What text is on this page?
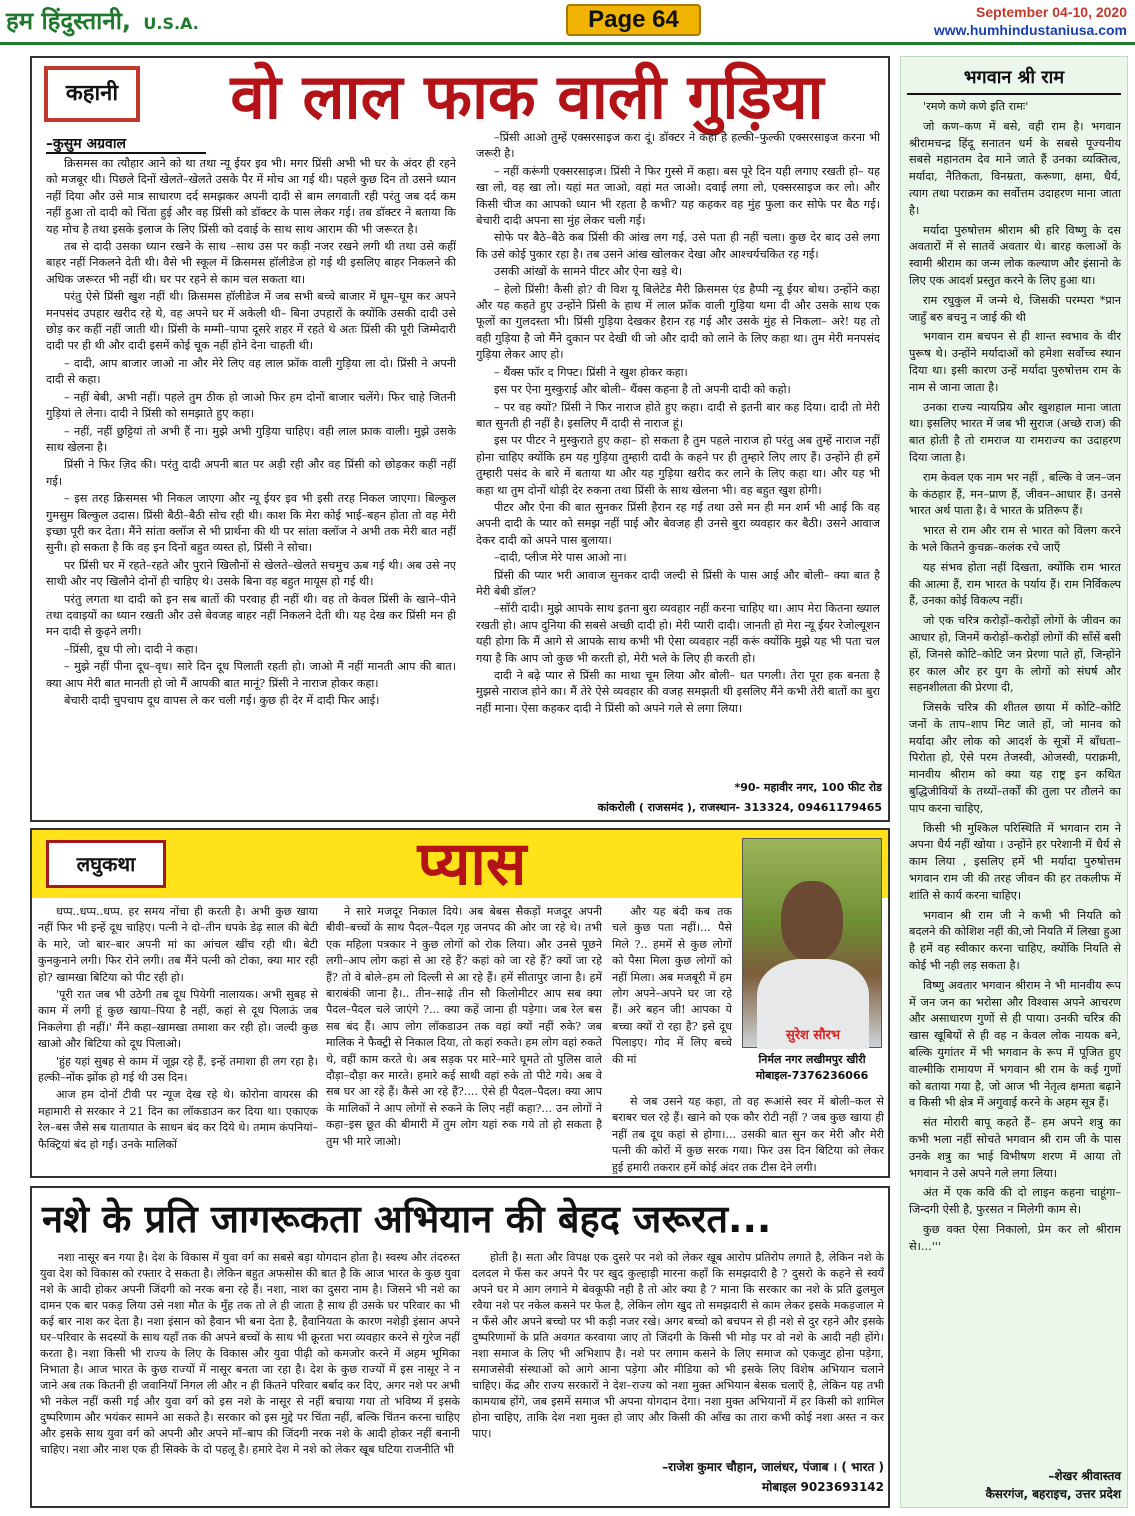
हम हिंदुस्तानी, U.S.A.	Page 64	September 04-10, 2020
www.humhindustaniusa.com
कहानी	वो लाल फाक वाली गुड़िया
–कुसुम अग्रवाल

क्रिसमस का त्यौहार आने को था तथा न्यू ईयर इव भी। मगर प्रिंसी अभी भी घर के अंदर ही रहने को मजबूर थी। पिछले दिनों खेलते–खेलते उसके पैर में मोच आ गई थी। पहले कुछ दिन तो उसने ध्यान नहीं दिया और उसे मात्र साधारण दर्द समझकर अपनी दादी से बाम लगवाती रही परंतु जब दर्द कम नहीं हुआ तो दादी को चिंता हुई और वह प्रिंसी को डॉक्टर के पास लेकर गई। तब डॉक्टर ने बताया कि यह मोच है तथा इसके इलाज के लिए प्रिंसी को दवाई के साथ साथ आराम की भी जरूरत है।

तब से दादी उसका ध्यान रखने के साथ –साथ उस पर कड़ी नजर रखने लगी थी तथा उसे कहीं बाहर नहीं निकलने देती थी। वैसे भी स्कूल में क्रिसमस हॉलीडेज हो गई थी इसलिए बाहर निकलने की अधिक जरूरत भी नहीं थी। घर पर रहने से काम चल सकता था।

परंतु ऐसे प्रिंसी खुश नहीं थी। क्रिसमस हॉलीडेज में जब सभी बच्चे बाजार में घूम–घूम कर अपने मनपसंद उपहार खरीद रहे थे, वह अपने घर में अकेली थी– बिना उपहारों के क्योंकि उसकी दादी उसे छोड़ कर कहीं नहीं जाती थी। प्रिंसी के मम्मी–पापा दूसरे शहर में रहते थे अतः प्रिंसी की पूरी जिम्मेदारी दादी पर ही थी और दादी इसमें कोई चूक नहीं होने देना चाहती थी।

– दादी, आप बाजार जाओ ना और मेरे लिए वह लाल फ्रॉक वाली गुड़िया ला दो। प्रिंसी ने अपनी दादी से कहा।

– नहीं बेबी, अभी नहीं। पहले तुम ठीक हो जाओ फिर हम दोनों बाजार चलेंगे। फिर चाहे जितनी गुड़ियां ले लेना। दादी ने प्रिंसी को समझाते हुए कहा।

– नहीं, नहीं छुट्टियां तो अभी हैं ना। मुझे अभी गुड़िया चाहिए। वही लाल फ्राक वाली। मुझे उसके साथ खेलना है।

प्रिंसी ने फिर ज़िद की। परंतु दादी अपनी बात पर अड़ी रही और वह प्रिंसी को छोड़कर कहीं नहीं गई।

– इस तरह क्रिसमस भी निकल जाएगा और न्यू ईयर इव भी इसी तरह निकल जाएगा। बिल्कुल गुमसुम बिल्कुल उदास। प्रिंसी बैठी–बैठी सोच रही थी। काश कि मेरा कोई भाई–बहन होता तो वह मेरी इच्छा पूरी कर देता। मैंने सांता क्लॉज से भी प्रार्थना की थी पर सांता क्लॉज ने अभी तक मेरी बात नहीं सुनी। हो सकता है कि वह इन दिनों बहुत व्यस्त हो, प्रिंसी ने सोचा।

पर प्रिंसी घर में रहते–रहते और पुराने खिलौनों से खेलते–खेलते सचमुच ऊब गई थी। अब उसे नए साथी और नए खिलौने दोनों ही चाहिए थे। उसके बिना वह बहुत मायूस हो गई थी।

परंतु लगता था दादी को इन सब बातों की परवाह ही नहीं थी। वह तो केवल प्रिंसी के खाने–पीने तथा दवाइयों का ध्यान रखती और उसे बेवजह बाहर नहीं निकलने देती थी। यह देख कर प्रिंसी मन ही मन दादी से कुढ़ने लगी।

–प्रिंसी, दूध पी लो। दादी ने कहा।

– मुझे नहीं पीना दूध–वृध। सारे दिन दूध पिलाती रहती हो। जाओ मैं नहीं मानती आप की बात। क्या आप मेरी बात मानती हो जो मैं आपकी बात मानूं? प्रिंसी ने नाराज होकर कहा।

बेचारी दादी चुपचाप दूध वापस ले कर चली गई। कुछ ही देर में दादी फिर आई।

–प्रिंसी आओ तुम्हें एक्सरसाइज करा दूं। डॉक्टर ने कहा है हल्की–फुल्की एक्सरसाइज करना भी जरूरी है।

– नहीं करूंगी एक्सरसाइज। प्रिंसी ने फिर गुस्से में कहा। बस पूरे दिन यही लगाए रखती हो– यह खा लो, वह खा लो। यहां मत जाओ, वहां मत जाओ। दवाई लगा लो, एक्सरसाइज कर लो। और किसी चीज का आपको ध्यान भी रहता है कभी? यह कहकर वह मुंह फुला कर सोफे पर बैठ गई। बेचारी दादी अपना सा मुंह लेकर चली गई।

सोफे पर बैठे–बैठे कब प्रिंसी की आंख लग गई, उसे पता ही नहीं चला। कुछ देर बाद उसे लगा कि उसे कोई पुकार रहा है। तब उसने आंख खोलकर देखा और आश्चर्यचकित रह गई।

उसकी आंखों के सामने पीटर और ऐना खड़े थे।

– हेलो प्रिंसी! कैसी हो? वी विश यू बिलेटेड मैरी क्रिसमस एंड हैप्पी न्यू ईयर बोथ। उन्होंने कहा और यह कहते हुए उन्होंने प्रिंसी के हाथ में लाल फ्रॉक वाली गुड़िया थमा दी और उसके साथ एक फूलों का गुलदस्ता भी। प्रिंसी गुड़िया देखकर हैरान रह गई और उसके मुंह से निकला– अरे! यह तो वही गुड़िया है जो मैंने दुकान पर देखी थी जो और दादी को लाने के लिए कहा था। तुम मेरी मनपसंद गुड़िया लेकर आए हो।

– थैंक्स फॉर द गिफ्ट। प्रिंसी ने खुश होकर कहा।

इस पर ऐना मुस्कुराई और बोली– थैंक्स कहना है तो अपनी दादी को कहो।

– पर वह क्यों? प्रिंसी ने फिर नाराज होते हुए कहा। दादी से इतनी बार कह दिया। दादी तो मेरी बात सुनती ही नहीं है। इसलिए मैं दादी से नाराज हूं।

इस पर पीटर ने मुस्कुराते हुए कहा– हो सकता है तुम पहले नाराज हो परंतु अब तुम्हें नाराज नहीं होना चाहिए क्योंकि हम यह गुड़िया तुम्हारी दादी के कहने पर ही तुम्हारे लिए लाए हैं। उन्होंने ही हमें तुम्हारी पसंद के बारे में बताया था और यह गुड़िया खरीद कर लाने के लिए कहा था। और यह भी कहा था तुम दोनों थोड़ी देर रुकना तथा प्रिंसी के साथ खेलना भी। वह बहुत खुश होगी।

पीटर और ऐना की बात सुनकर प्रिंसी हैरान रह गई तथा उसे मन ही मन शर्म भी आई कि वह अपनी दादी के प्यार को समझ नहीं पाई और बेवजह ही उनसे बुरा व्यवहार कर बैठी। उसने आवाज देकर दादी को अपने पास बुलाया।

–दादी, प्लीज मेरे पास आओ ना।

प्रिंसी की प्यार भरी आवाज सुनकर दादी जल्दी से प्रिंसी के पास आई और बोली– क्या बात है मेरी बेबी डॉल?

–सॉरी दादी। मुझे आपके साथ इतना बुरा व्यवहार नहीं करना चाहिए था। आप मेरा कितना ख्याल रखती हो। आप दुनिया की सबसे अच्छी दादी हो। मेरी प्यारी दादी। जानती हो मेरा न्यू ईयर रेजोल्यूशन यही होगा कि मैं आगे से आपके साथ कभी भी ऐसा व्यवहार नहीं करूं क्योंकि मुझे यह भी पता चल गया है कि आप जो कुछ भी करती हो, मेरी भले के लिए ही करती हो।

दादी ने बढ़े प्यार से प्रिंसी का माथा चूम लिया और बोली– धत पगली। तेरा पूरा हक बनता है मुझसे नाराज होने का। मैं तेरे ऐसे व्यवहार की वजह समझती थी इसलिए मैंने कभी तेरी बातों का बुरा नहीं माना। ऐसा कहकर दादी ने प्रिंसी को अपने गले से लगा लिया।

*90- महावीर नगर, 100 फीट रोड
कांकरोली ( राजसमंद ), राजस्थान- 313324, 09461179465
लघुकथा	प्यास
सुरेश सौरभ
निर्मल नगर लखीमपुर खीरी
मोबाइल-7376236066

धप्प..धप्प..धप्प. हर समय नोंचा ही करती है। अभी कुछ खाया नहीं फिर भी इन्हें दूध चाहिए। पत्नी ने दो–तीन धपके डेढ़ साल की बेटी के मारे, जो बार–बार अपनी मां का आंचल खींच रही थी। बेटी कुनकुनाने लगी। फिर रोने लगी। तब मैंने पत्नी को टोका, क्या मार रही हो? खामखा बिटिया को पीट रही हो।

'पूरी रात जब भी उठेगी तब दूध पियेगी नालायक। अभी सुबह से काम में लगी हूं कुछ खाया–पिया है नहीं, कहां से दूध पिलाऊं जब निकलेगा ही नहीं।' मैंने कहा–खामखा तमाशा कर रही हो। जल्दी कुछ खाओ और बिटिया को दूध पिलाओ।

'हुंह यहां सुबह से काम में जूझ रहे हैं, इन्हें तमाशा ही लग रहा है। हल्की–नोंक झोंक हो गई थी उस दिन।

आज हम दोनों टीवी पर न्यूज देख रहे थे। कोरोना वायरस की महामारी से सरकार ने 21 दिन का लॉकडाउन कर दिया था। एकाएक रेल–बस जैसे सब यातायात के साधन बंद कर दिये थे। तमाम कंपनियां–फैक्ट्रियां बंद हो गईं। उनके मालिकों

ने सारे मजदूर निकाल दिये। अब बेबस सैकड़ों मजदूर अपनी बीवी–बच्चों के साथ पैदल–पैदल गृह जनपद की ओर जा रहे थे। तभी एक महिला पत्रकार ने कुछ लोगों को रोक लिया। और उनसे पूछने लगी–आप लोग कहां से आ रहे हैं? कहां को जा रहे हैं? क्यों जा रहे हैं? तो वे बोले–हम लो दिल्ली से आ रहे हैं। हमें सीतापुर जाना है। हमें बाराबंकी जाना है।.. तीन–साढ़े तीन सौ किलोमीटर आप सब क्या पैदल–पैदल चले जाएंगे ?... क्या कहें जाना ही पड़ेगा। जब रेल बस सब बंद हैं। आप लोग लॉकडाउन तक वहां क्यों नहीं रुके? जब मालिक ने फैक्ट्री से निकाल दिया, तो कहां रुकते। हम लोग वहां रुकते थे, वहीं काम करते थे। अब सड़क पर मारे–मारे घूमते तो पुलिस वाले दौड़ा–दौड़ा कर मारते। हमारे कई साथी वहां रुके तो पीटे गये। अब वे सब घर आ रहे हैं। कैसे आ रहे हैं?.... ऐसे ही पैदल–पैदल। क्या आप के मालिकों ने आप लोगों से रुकने के लिए नहीं कहा?... उन लोगों ने कहा–इस छूत की बीमारी में तुम लोग यहां रुक गये तो हो सकता है तुम भी मारे जाओ।

और यह बंदी कब तक चले कुछ पता नहीं।... पैसे मिले ?.. हममें से कुछ लोगों को पैसा मिला कुछ लोगों को नहीं मिला। अब मजबूरी में हम लोग अपने–अपने घर जा रहे हैं। अरे बहन जी! आपका ये बच्चा क्यों रो रहा है? इसे दूध पिलाइए। गोद में लिए बच्चे की मां

से जब उसने यह कहा, तो वह रूआंसे स्वर में बोली–कल से बराबर चल रहे हैं। खाने को एक कौर रोटी नहीं ? जब कुछ खाया ही नहीं तब दूध कहां से होगा।... उसकी बात सुन कर मेरी और मेरी पत्नी की कोरों में कुछ सरक गया। फिर उस दिन बिटिया को लेकर हुई हमारी तकरार हमें कोई अंदर तक टीस देने लगी।

नशे के प्रति जागरूकता अभियान की बेहद जरूरत...

नशा नासूर बन गया है। देश के विकास में युवा वर्ग का सबसे बड़ा योगदान होता है। स्वस्थ और तंदरुस्त युवा देश को विकास को रफ्तार दे सकता है। लेकिन बहुत अफसोस की बात है कि आज भारत के कुछ युवा नशे के आदी होकर अपनी जिंदगी को नरक बना रहे हैं। नशा, नाश का दुसरा नाम है। जिसने भी नशे का दामन एक बार पकड़ लिया उसे नशा मौत के मुँह तक तो ले ही जाता है साथ ही उसके घर परिवार का भी कई बार नाश कर देता है। नशा इंसान को हैवान भी बना देता है, हैवानियता के कारण नशेड़ी इंसान अपने घर–परिवार के सदस्यों के साथ यहाँ तक की अपने बच्चों के साथ भी क्रूरता भरा व्यवहार करने से गुरेज नहीं करता है। नशा किसी भी राज्य के लिए के विकास और युवा पीढ़ी को कमजोर करने में अहम भूमिका निभाता है। आज भारत के कुछ राज्यों में नासूर बनता जा रहा है। देश के कुछ राज्यों में इस नासूर ने न जाने अब तक कितनी ही जवानियाँ निगल ली और न ही कितने परिवार बर्बाद कर दिए, अगर नशे पर अभी भी नकेल नहीं कसी गई और युवा वर्ग को इस नशे के नासूर से नहीं बचाया गया तो भविष्य में इसके दुष्परिणाम और भयंकर सामने आ सकते है। सरकार को इस मुद्दे पर चिंता नहीं, बल्कि चिंतन करना चाहिए और इसके साथ युवा वर्ग को अपनी और अपने माँ–बाप की जिंदगी नरक नशे के आदी होकर नहीं बनानी चाहिए। नशा और नाश एक ही सिक्के के दो पहलू है। हमारे देश मे नशे को लेकर खूब घटिया राजनीति भी

होती है। सता और विपक्ष एक दुसरे पर नशे को लेकर खूब आरोप प्रतिरोप लगाते है, लेकिन नशे के दलदल मे फँस कर अपने पैर पर खुद कुल्हाड़ी मारना कहाँ कि समझदारी है ? दुसरो के कहने से स्वयँ अपने घर मे आग लगाने मे बेवकूफी नही है तो ओर क्या है ? माना कि सरकार का नशे के प्रति ढुलमुल रवैया नशे पर नकेल कसने पर फेल है, लेकिन लोग खुद तो समझदारी से काम लेकर इसके मकड़जाल मे न फँसे और अपने बच्चो पर भी कड़ी नजर रखे। अगर बच्चो को बचपन से ही नशे से दुर रहने और इसके दुष्परिणामों के प्रति अवगत करवाया जाए तो जिंदगी के किसी भी मोड़ पर वो नशे के आदी नही होंगे। नशा समाज के लिए भी अभिशाप है। नशे पर लगाम कसने के लिए समाज को एकजुट होना पड़ेगा, समाजसेवी संस्थाओं को आगे आना पड़ेगा और मीडिया को भी इसके लिए विशेष अभियान चलाने चाहिए। केंद्र और राज्य सरकारों ने देश–राज्य को नशा मुक्त अभियान बेसक चलाएँ है, लेकिन यह तभी कामयाब होंगे, जब इसमें समाज भी अपना योगदान देगा। नशा मुक्त अभियानों में हर किसी को शामिल होना चाहिए, ताकि देश नशा मुक्त हो जाए और किसी की आँख का तारा कभी कोई नशा अस्त न कर पाए।

–राजेश कुमार चौहान, जालंधर, पंजाब । ( भारत )
मोबाइल 9023693142
भगवान श्री राम

'रमणे कणे कणे इति रामः'

जो कण–कण में बसे, वही राम है। भगवान श्रीरामचन्द्र हिंदू सनातन धर्म के सबसे पूज्यनीय सबसे महानतम देव माने जाते हैं उनका व्यक्तित्व, मर्यादा, नैतिकता, विनम्रता, करूणा, क्षमा, धैर्य, त्याग तथा पराक्रम का सर्वोत्तम उदाहरण माना जाता है।

मर्यादा पुरुषोत्तम श्रीराम श्री हरि विष्णु के दस अवतारों में से सातवें अवतार थे। बारह कलाओं के स्वामी श्रीराम का जन्म लोक कल्याण और इंसानो के लिए एक आदर्श प्रस्तुत करने के लिए हुआ था।

राम रघुकुल में जन्मे थे, जिसकी परम्परा *प्रान जाहुँ बरु बचनु न जाई की थी

भगवान राम बचपन से ही शान्त स्वभाव के वीर पुरूष थे। उन्होंने मर्यादाओं को हमेशा सर्वोच्च स्थान दिया था। इसी कारण उन्हें मर्यादा पुरुषोत्तम राम के नाम से जाना जाता है।

उनका राज्य न्यायप्रिय और खुशहाल माना जाता था। इसलिए भारत में जब भी सुराज (अच्छे राज) की बात होती है तो रामराज या रामराज्य का उदाहरण दिया जाता है।

राम केवल एक नाम भर नहीं , बल्कि वे जन–जन के कंठहार हैं, मन–प्राण हैं, जीवन–आधार हैं। उनसे भारत अर्थ पाता है। वे भारत के प्रतिरूप हैं।

भारत से राम और राम से भारत को विलग करने के भले कितने कुचक्र–कलंक रचे जाएँ

यह संभव होता नहीं दिखता, क्योंकि राम भारत की आत्मा हैं, राम भारत के पर्याय हैं। राम निर्विकल्प हैं, उनका कोई विकल्प नहीं।

जो एक चरित्र करोड़ों–करोड़ों लोगों के जीवन का आधार हो, जिनमें करोड़ों–करोड़ों लोगों की साँसें बसी हों, जिनसे कोटि–कोटि जन प्रेरणा पाते हों, जिन्होंने हर काल और हर युग के लोगों को संघर्ष और सहनशीलता की प्रेरणा दी,

जिसके चरित्र की शीतल छाया में कोटि–कोटि जनों के ताप–शाप मिट जाते हों, जो मानव को मर्यादा और लोक को आदर्श के सूत्रों में बाँधता–पिरोता हो, ऐसे परम तेजस्वी, ओजस्वी, पराक्रमी, मानवीय श्रीराम को क्या यह राष्ट्र इन कथित बुद्धिजीवियों के तथ्यों–तर्कों की तुला पर तौलने का पाप करना चाहिए,

किसी भी मुश्किल परिस्थिति में भगवान राम ने अपना धैर्य नहीं खोया । उन्होंने हर परेशानी में धैर्य से काम लिया , इसलिए हमें भी मर्यादा पुरुषोत्तम भगवान राम जी की तरह जीवन की हर तकलीफ में शांति से कार्य करना चाहिए।

भगवान श्री राम जी ने कभी भी नियति को बदलने की कोशिश नहीं की,जो नियति में लिखा हुआ है हमें वह स्वीकार करना चाहिए, क्योंकि नियति से कोई भी नही लड़ सकता है।

विष्णु अवतार भगवान श्रीराम ने भी मानवीय रूप में जन जन का भरोसा और विश्वास अपने आचरण और असाधारण गुणों से ही पाया। उनकी चरित्र की खास खूबियों से ही वह न केवल लोक नायक बने, बल्कि युगांतर में भी भगवान के रूप में पूजित हुए वाल्मीकि रामायण में भगवान श्री राम के कई गुणों को बताया गया है, जो आज भी नेतृत्व क्षमता बढ़ाने व किसी भी क्षेत्र में अगुवाई करने के अहम सूत्र हैं।

संत मोरारी बापू कहते हैं– हम अपने शत्रु का कभी भला नहीं सोचते भगवान श्री राम जी के पास उनके शत्रु का भाई विभीषण शरण में आया तो भगवान ने उसे अपने गले लगा लिया।

अंत में एक कवि की दो लाइन कहना चाहूंगा– जिन्दगी ऐसी है, फुरसत न मिलेगी काम से।

कुछ वक्त ऐसा निकालो, प्रेम कर लो श्रीराम से।...'''

–शेखर श्रीवास्तव
कैसरगंज, बहराइच, उत्तर प्रदेश
